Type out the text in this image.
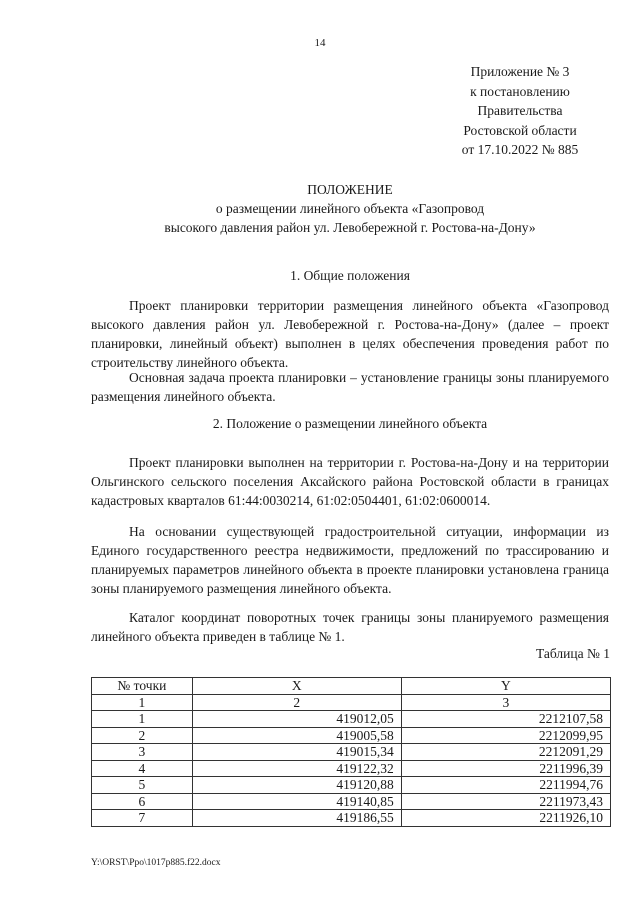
14
Приложение № 3
к постановлению
Правительства
Ростовской области
от 17.10.2022 № 885
ПОЛОЖЕНИЕ
о размещении линейного объекта «Газопровод
высокого давления район ул. Левобережной г. Ростова-на-Дону»
1. Общие положения

Проект планировки территории размещения линейного объекта «Газопровод высокого давления район ул. Левобережной г. Ростова-на-Дону» (далее – проект планировки, линейный объект) выполнен в целях обеспечения проведения работ по строительству линейного объекта.

Основная задача проекта планировки – установление границы зоны планируемого размещения линейного объекта.

2. Положение о размещении линейного объекта

Проект планировки выполнен на территории г. Ростова-на-Дону и на территории Ольгинского сельского поселения Аксайского района Ростовской области в границах кадастровых кварталов 61:44:0030214, 61:02:0504401, 61:02:0600014.

На основании существующей градостроительной ситуации, информации из Единого государственного реестра недвижимости, предложений по трассированию и планируемых параметров линейного объекта в проекте планировки установлена граница зоны планируемого размещения линейного объекта.

Каталог координат поворотных точек границы зоны планируемого размещения линейного объекта приведен в таблице № 1.

Таблица № 1
№ точки	X	Y
1	2	3
1	419012,05	2212107,58
2	419005,58	2212099,95
3	419015,34	2212091,29
4	419122,32	2211996,39
5	419120,88	2211994,76
6	419140,85	2211973,43
7	419186,55	2211926,10
Y:\ORST\Ppo\1017p885.f22.docx
